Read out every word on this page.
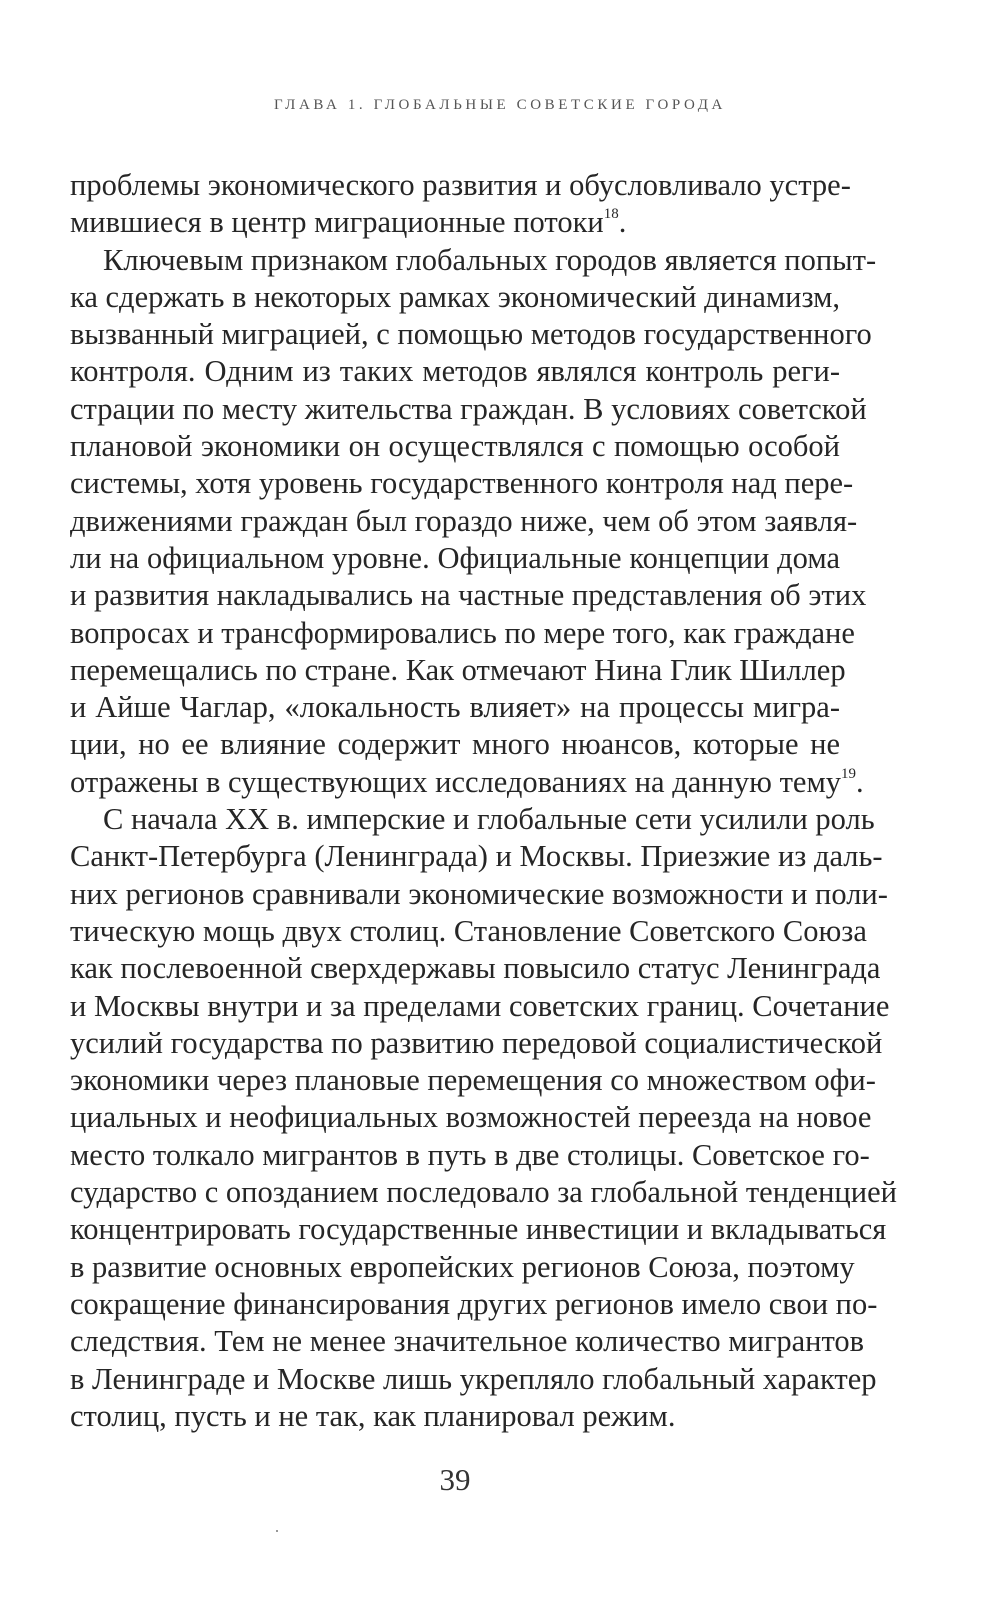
ГЛАВА 1. ГЛОБАЛЬНЫЕ СОВЕТСКИЕ ГОРОДА
проблемы экономического развития и обусловливало устре-
мившиеся в центр миграционные потоки$^{18}$.
Ключевым признаком глобальных городов является попыт-
ка сдержать в некоторых рамках экономический динамизм,
вызванный миграцией, с помощью методов государственного
контроля. Одним из таких методов являлся контроль реги-
страции по месту жительства граждан. В условиях советской
плановой экономики он осуществлялся с помощью особой
системы, хотя уровень государственного контроля над пере-
движениями граждан был гораздо ниже, чем об этом заявля-
ли на официальном уровне. Официальные концепции дома
и развития накладывались на частные представления об этих
вопросах и трансформировались по мере того, как граждане
перемещались по стране. Как отмечают Нина Глик Шиллер
и Айше Чаглар, «локальность влияет» на процессы мигра-
ции, но ее влияние содержит много нюансов, которые не
отражены в существующих исследованиях на данную тему$^{19}$.
С начала XX в. имперские и глобальные сети усилили роль
Санкт-Петербурга (Ленинграда) и Москвы. Приезжие из даль-
них регионов сравнивали экономические возможности и поли-
тическую мощь двух столиц. Становление Советского Союза
как послевоенной сверхдержавы повысило статус Ленинграда
и Москвы внутри и за пределами советских границ. Сочетание
усилий государства по развитию передовой социалистической
экономики через плановые перемещения со множеством офи-
циальных и неофициальных возможностей переезда на новое
место толкало мигрантов в путь в две столицы. Советское го-
сударство с опозданием последовало за глобальной тенденцией
концентрировать государственные инвестиции и вкладываться
в развитие основных европейских регионов Союза, поэтому
сокращение финансирования других регионов имело свои по-
следствия. Тем не менее значительное количество мигрантов
в Ленинграде и Москве лишь укрепляло глобальный характер
столиц, пусть и не так, как планировал режим.
39
